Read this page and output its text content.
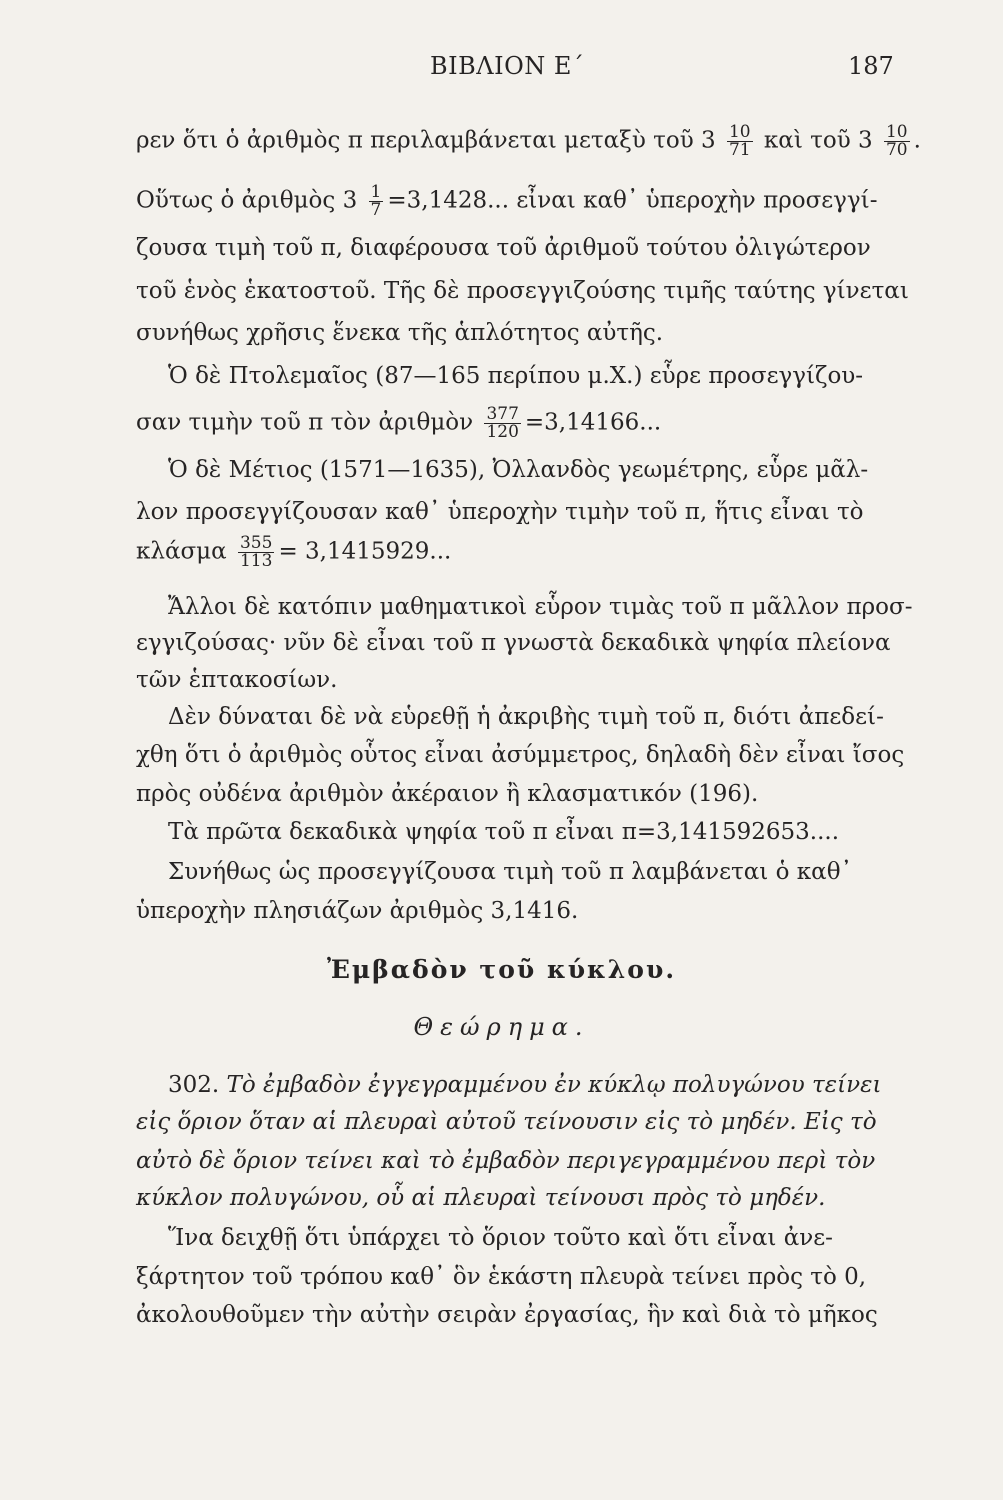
ΒΙΒΛΙΟΝ Ε΄	187
ρεν ὅτι ὁ ἀριθμὸς π περιλαμβάνεται μεταξὺ τοῦ $3 \frac{10}{71}$ καὶ τοῦ $3 \frac{10}{70}$ .
Οὕτως ὁ ἀριθμὸς $3 \frac{1}{7} =3,1428$... εἶναι καθ᾽ ὑπεροχὴν προσεγγί-
ζουσα τιμὴ τοῦ π, διαφέρουσα τοῦ ἀριθμοῦ τούτου ὀλιγώτερον
τοῦ ἑνὸς ἑκατοστοῦ. Τῆς δὲ προσεγγιζούσης τιμῆς ταύτης γίνεται
συνήθως χρῆσις ἕνεκα τῆς ἁπλότητος αὐτῆς.
Ὁ δὲ Πτολεμαῖος (87—165 περίπου μ.Χ.) εὗρε προσεγγίζου-
σαν τιμὴν τοῦ π τὸν ἀριθμὸν $\frac{377}{120} =3,14166$...
Ὁ δὲ Μέτιος (1571—1635), Ὀλλανδὸς γεωμέτρης, εὗρε μᾶλ-
λον προσεγγίζουσαν καθ᾽ ὑπεροχὴν τιμὴν τοῦ π, ἥτις εἶναι τὸ
κλάσμα $\frac{355}{113} = 3,1415929$...
Ἄλλοι δὲ κατόπιν μαθηματικοὶ εὗρον τιμὰς τοῦ π μᾶλλον προσ-
εγγιζούσας· νῦν δὲ εἶναι τοῦ π γνωστὰ δεκαδικὰ ψηφία πλείονα
τῶν ἑπτακοσίων.
Δὲν δύναται δὲ νὰ εὑρεθῇ ἡ ἀκριβὴς τιμὴ τοῦ π, διότι ἀπεδεί-
χθη ὅτι ὁ ἀριθμὸς οὗτος εἶναι ἀσύμμετρος, δηλαδὴ δὲν εἶναι ἴσος
πρὸς οὐδένα ἀριθμὸν ἀκέραιον ἢ κλασματικόν (196).
Τὰ πρῶτα δεκαδικὰ ψηφία τοῦ π εἶναι π=3,141592653....
Συνήθως ὡς προσεγγίζουσα τιμὴ τοῦ π λαμβάνεται ὁ καθ᾽
ὑπεροχὴν πλησιάζων ἀριθμὸς 3,1416.
Ἐμβαδὸν τοῦ κύκλου.
Θεώρημα.
302. Τὸ ἐμβαδὸν ἐγγεγραμμένου ἐν κύκλῳ πολυγώνου τείνει
εἰς ὅριον ὅταν αἱ πλευραὶ αὐτοῦ τείνουσιν εἰς τὸ μηδέν. Εἰς τὸ
αὐτὸ δὲ ὅριον τείνει καὶ τὸ ἐμβαδὸν περιγεγραμμένου περὶ τὸν
κύκλον πολυγώνου, οὗ αἱ πλευραὶ τείνουσι πρὸς τὸ μηδέν.
Ἵνα δειχθῇ ὅτι ὑπάρχει τὸ ὅριον τοῦτο καὶ ὅτι εἶναι ἀνε-
ξάρτητον τοῦ τρόπου καθ᾽ ὃν ἑκάστη πλευρὰ τείνει πρὸς τὸ 0,
ἀκολουθοῦμεν τὴν αὐτὴν σειρὰν ἐργασίας, ἣν καὶ διὰ τὸ μῆκος
